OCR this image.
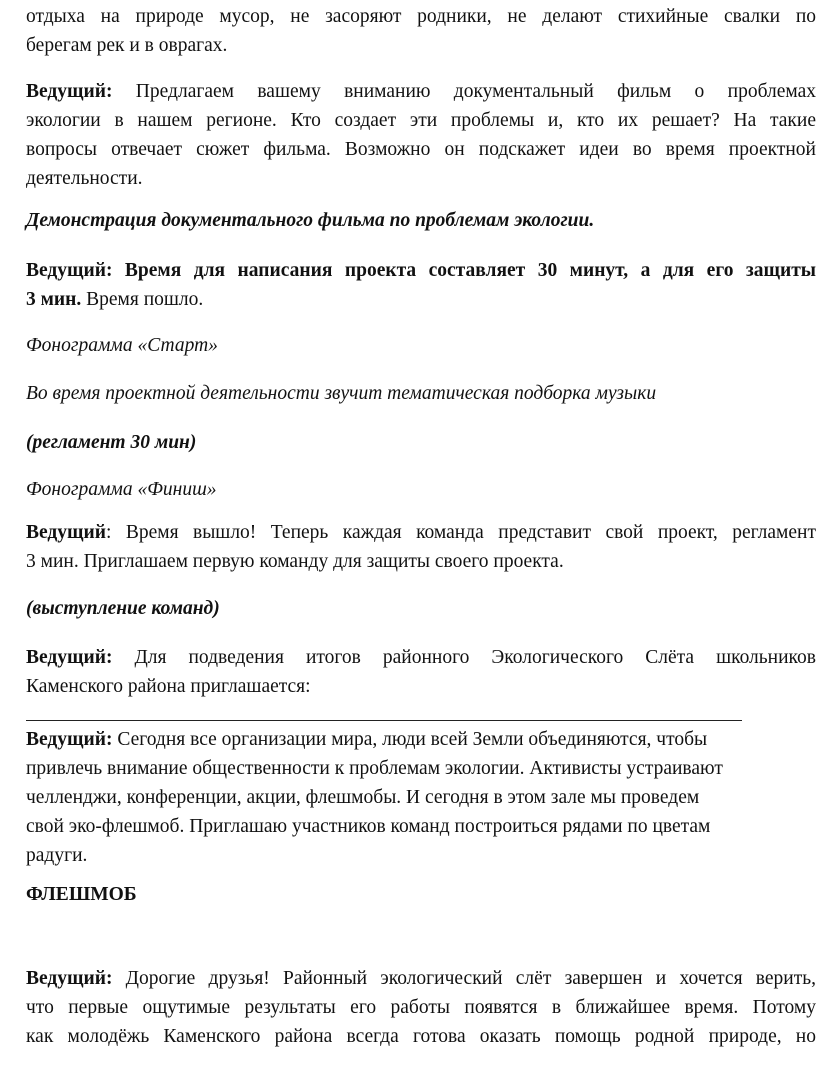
отдыха на природе мусор, не засоряют родники, не делают стихийные свалки по

берегам рек и в оврагах.

Ведущий: Предлагаем вашему вниманию документальный фильм о проблемах

экологии в нашем регионе. Кто создает эти проблемы и, кто их решает? На такие

вопросы отвечает сюжет фильма. Возможно он подскажет идеи во время проектной

деятельности.

Демонстрация документального фильма по проблемам экологии.

Ведущий: Время для написания проекта составляет 30 минут, а для его защиты

3 мин. Время пошло.

Фонограмма «Старт»

Во время проектной деятельности звучит тематическая подборка музыки

(регламент 30 мин)

Фонограмма «Финиш»

Ведущий: Время вышло! Теперь каждая команда представит свой проект, регламент

3 мин. Приглашаем первую команду для защиты своего проекта.

(выступление команд)

Ведущий: Для подведения итогов районного Экологического Слёта школьников

Каменского района приглашается:

Ведущий: Сегодня все организации мира, люди всей Земли объединяются, чтобы

привлечь внимание общественности к проблемам экологии. Активисты устраивают

челленджи, конференции, акции, флешмобы. И сегодня в этом зале мы проведем

свой эко-флешмоб. Приглашаю участников команд построиться рядами по цветам

радуги.

ФЛЕШМОБ

Ведущий: Дорогие друзья! Районный экологический слёт завершен и хочется верить,

что первые ощутимые результаты его работы появятся в ближайшее время. Потому

как молодёжь Каменского района всегда готова оказать помощь родной природе, но
